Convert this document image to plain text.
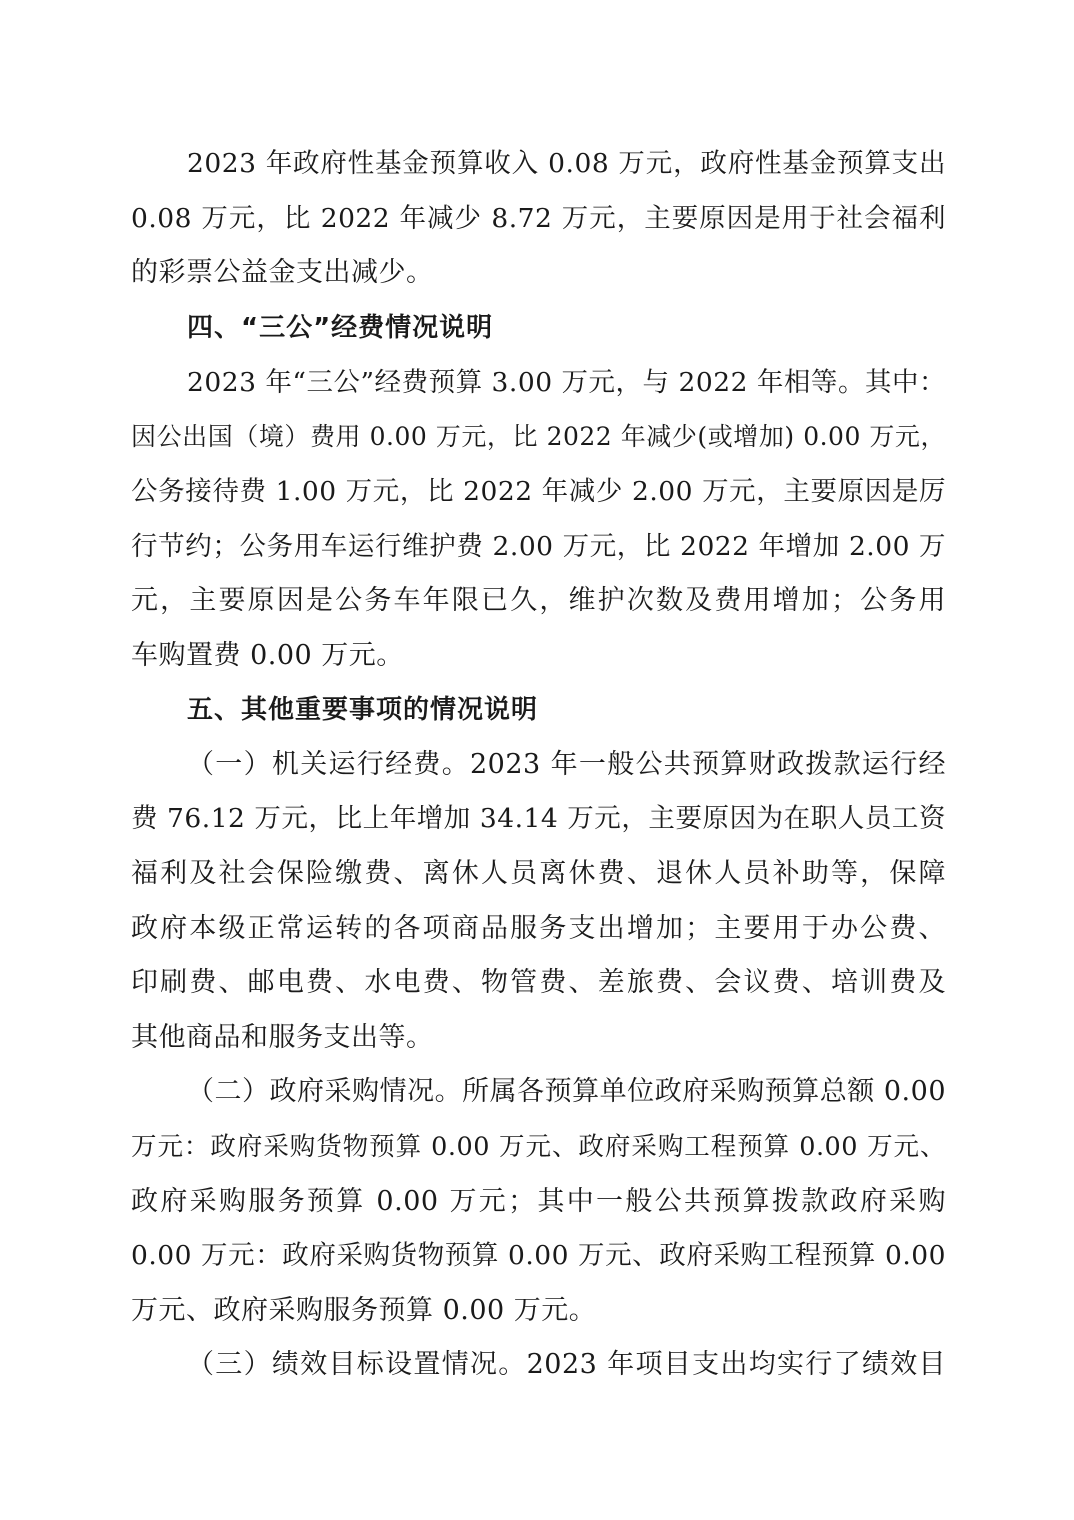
2023 年政府性基金预算收入 0.08 万元，政府性基金预算支出
0.08 万元，比 2022 年减少 8.72 万元，主要原因是用于社会福利
的彩票公益金支出减少。
四、“三公”经费情况说明
2023 年“三公”经费预算 3.00 万元，与 2022 年相等。其中：
因公出国（境）费用 0.00 万元，比 2022 年减少(或增加) 0.00 万元，
公务接待费 1.00 万元，比 2022 年减少 2.00 万元，主要原因是厉
行节约；公务用车运行维护费 2.00 万元，比 2022 年增加 2.00 万
元，主要原因是公务车年限已久，维护次数及费用增加；公务用
车购置费 0.00 万元。
五、其他重要事项的情况说明
（一）机关运行经费。2023 年一般公共预算财政拨款运行经
费 76.12 万元，比上年增加 34.14 万元，主要原因为在职人员工资
福利及社会保险缴费、离休人员离休费、退休人员补助等，保障
政府本级正常运转的各项商品服务支出增加；主要用于办公费、
印刷费、邮电费、水电费、物管费、差旅费、会议费、培训费及
其他商品和服务支出等。
（二）政府采购情况。所属各预算单位政府采购预算总额 0.00
万元：政府采购货物预算 0.00 万元、政府采购工程预算 0.00 万元、
政府采购服务预算 0.00 万元；其中一般公共预算拨款政府采购
0.00 万元：政府采购货物预算 0.00 万元、政府采购工程预算 0.00
万元、政府采购服务预算 0.00 万元。
（三）绩效目标设置情况。2023 年项目支出均实行了绩效目
